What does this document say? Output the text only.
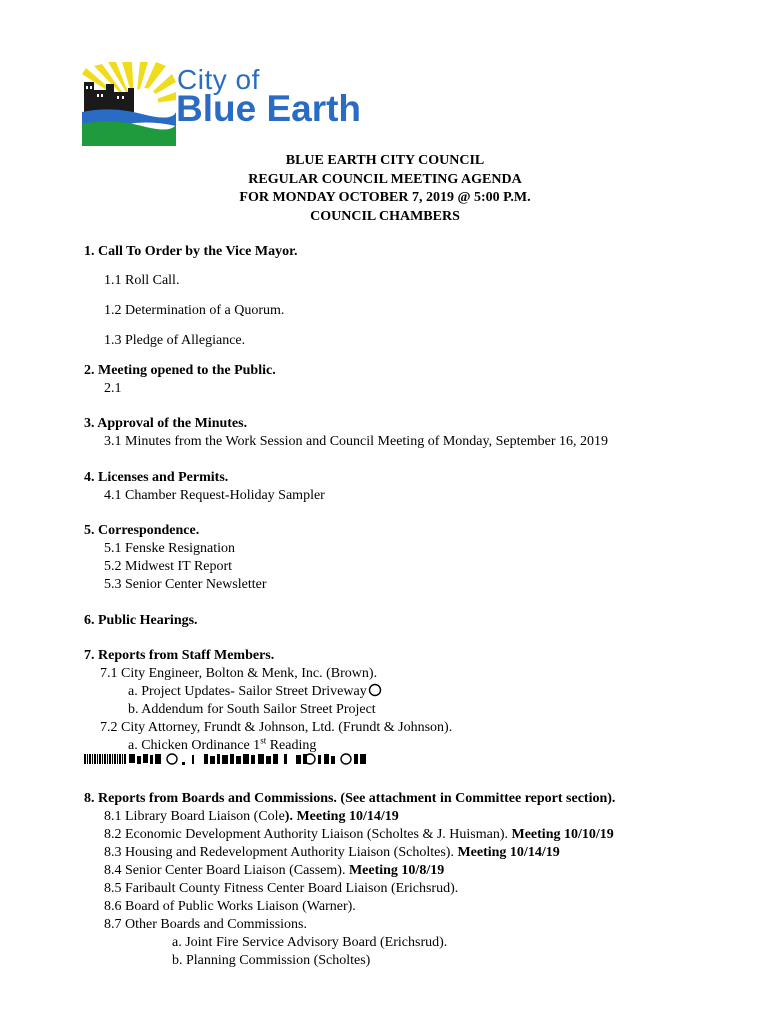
City of
Blue Earth
BLUE EARTH CITY COUNCIL
REGULAR COUNCIL MEETING AGENDA
FOR MONDAY OCTOBER 7, 2019 @ 5:00 P.M.
COUNCIL CHAMBERS
1. Call To Order by the Vice Mayor.
1.1 Roll Call.
1.2 Determination of a Quorum.
1.3 Pledge of Allegiance.
2. Meeting opened to the Public.
2.1
3. Approval of the Minutes.
3.1 Minutes from the Work Session and Council Meeting of Monday, September 16, 2019
4. Licenses and Permits.
4.1 Chamber Request-Holiday Sampler
5. Correspondence.
5.1 Fenske Resignation
5.2 Midwest IT Report
5.3 Senior Center Newsletter
6. Public Hearings.
7. Reports from Staff Members.
7.1 City Engineer, Bolton & Menk, Inc. (Brown).
a. Project Updates- Sailor Street Driveway
b. Addendum for South Sailor Street Project
7.2 City Attorney, Frundt & Johnson, Ltd. (Frundt & Johnson).
a. Chicken Ordinance 1st Reading
8. Reports from Boards and Commissions. (See attachment in Committee report section).
8.1 Library Board Liaison (Cole). Meeting 10/14/19
8.2 Economic Development Authority Liaison (Scholtes & J. Huisman). Meeting 10/10/19
8.3 Housing and Redevelopment Authority Liaison (Scholtes). Meeting 10/14/19
8.4 Senior Center Board Liaison (Cassem). Meeting 10/8/19
8.5 Faribault County Fitness Center Board Liaison (Erichsrud).
8.6 Board of Public Works Liaison (Warner).
8.7 Other Boards and Commissions.
a. Joint Fire Service Advisory Board (Erichsrud).
b. Planning Commission (Scholtes)
